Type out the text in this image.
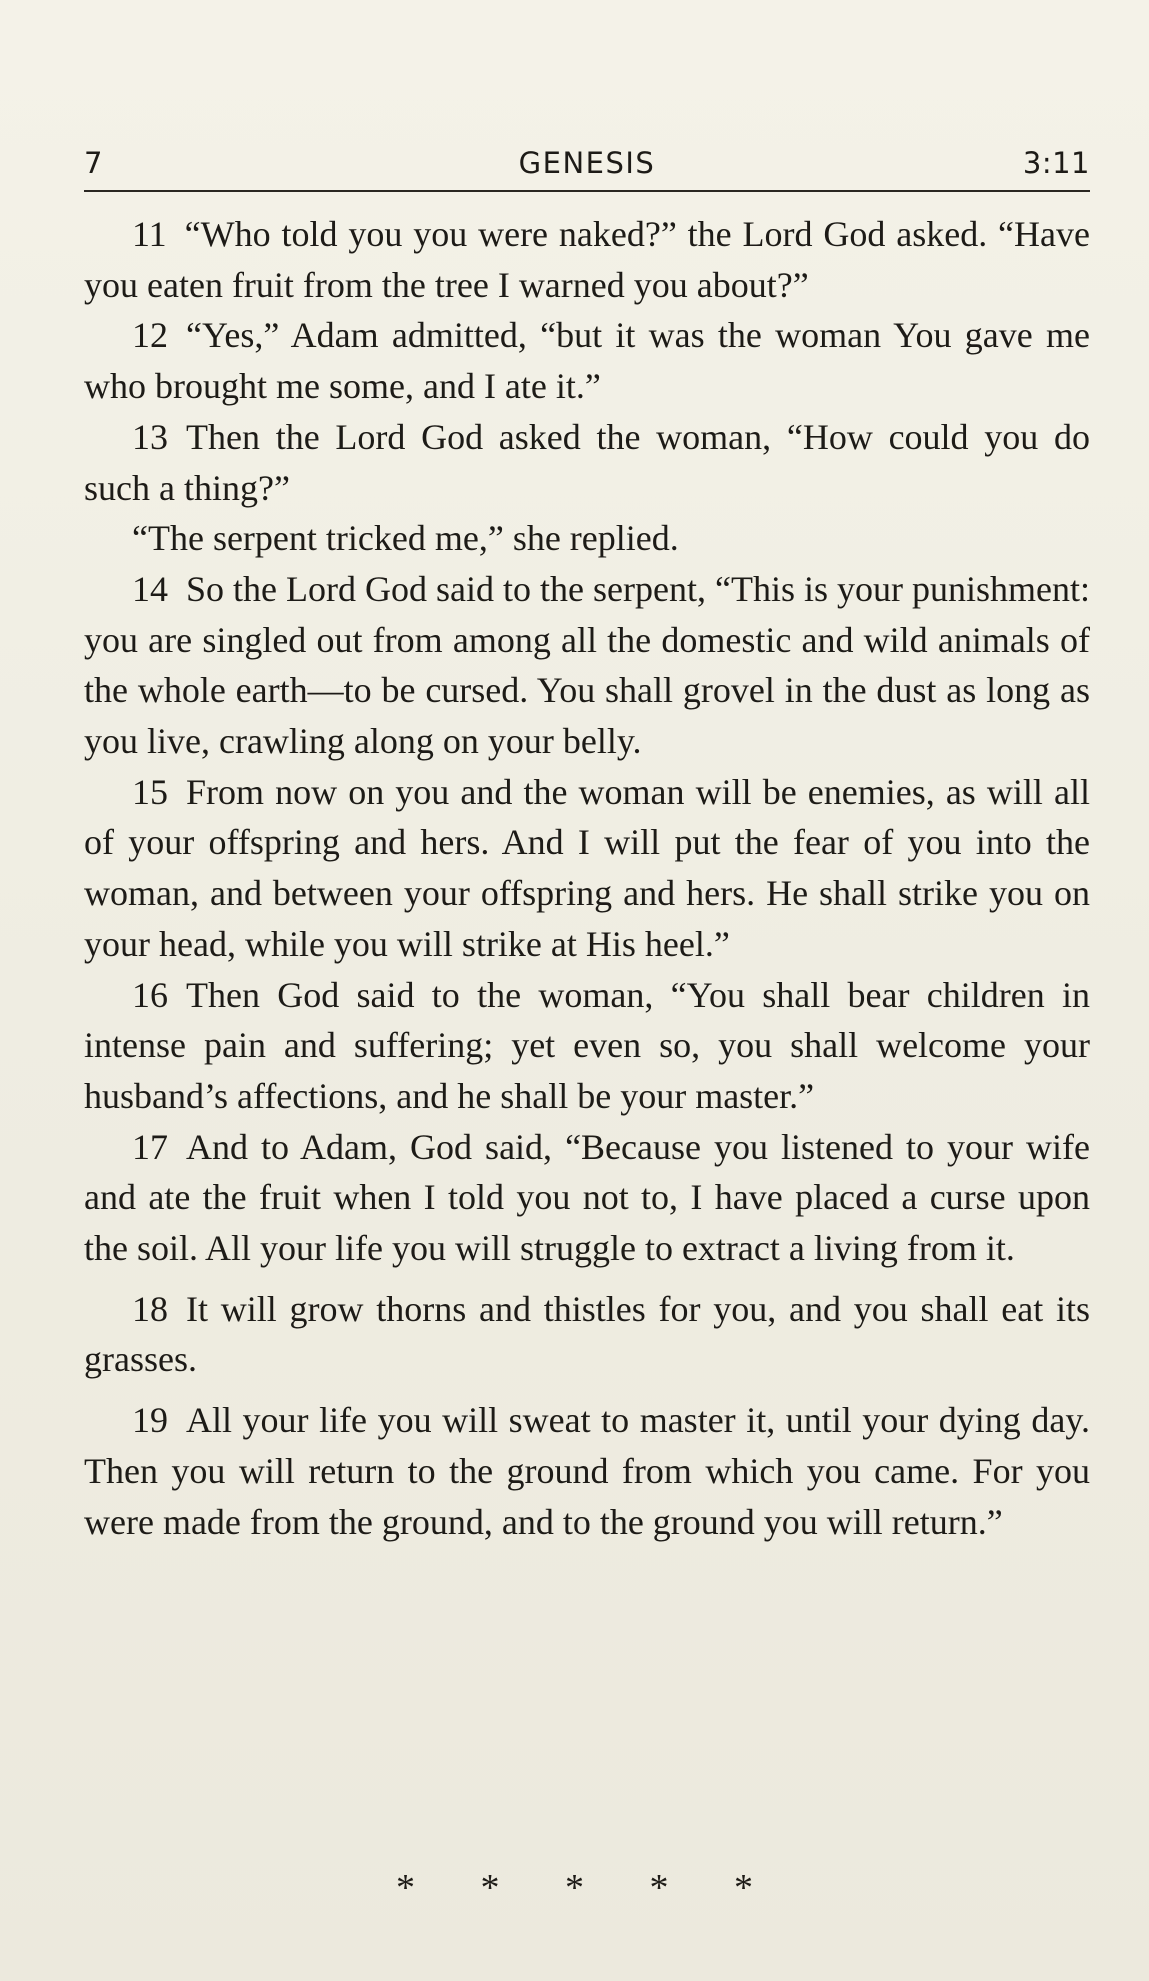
7	GENESIS	3:11

11 “Who told you you were naked?” the Lord God asked. “Have you eaten fruit from the tree I warned you about?”

12 “Yes,” Adam admitted, “but it was the woman You gave me who brought me some, and I ate it.”

13 Then the Lord God asked the woman, “How could you do such a thing?”

“The serpent tricked me,” she replied.

14 So the Lord God said to the serpent, “This is your punishment: you are singled out from among all the domestic and wild animals of the whole earth—to be cursed. You shall grovel in the dust as long as you live, crawling along on your belly.

15 From now on you and the woman will be enemies, as will all of your offspring and hers. And I will put the fear of you into the woman, and between your offspring and hers. He shall strike you on your head, while you will strike at His heel.”

16 Then God said to the woman, “You shall bear children in intense pain and suffering; yet even so, you shall welcome your husband’s affections, and he shall be your master.”

17 And to Adam, God said, “Because you listened to your wife and ate the fruit when I told you not to, I have placed a curse upon the soil. All your life you will struggle to extract a living from it.

18 It will grow thorns and thistles for you, and you shall eat its grasses.

19 All your life you will sweat to master it, until your dying day. Then you will return to the ground from which you came. For you were made from the ground, and to the ground you will return.”

* * * * *
